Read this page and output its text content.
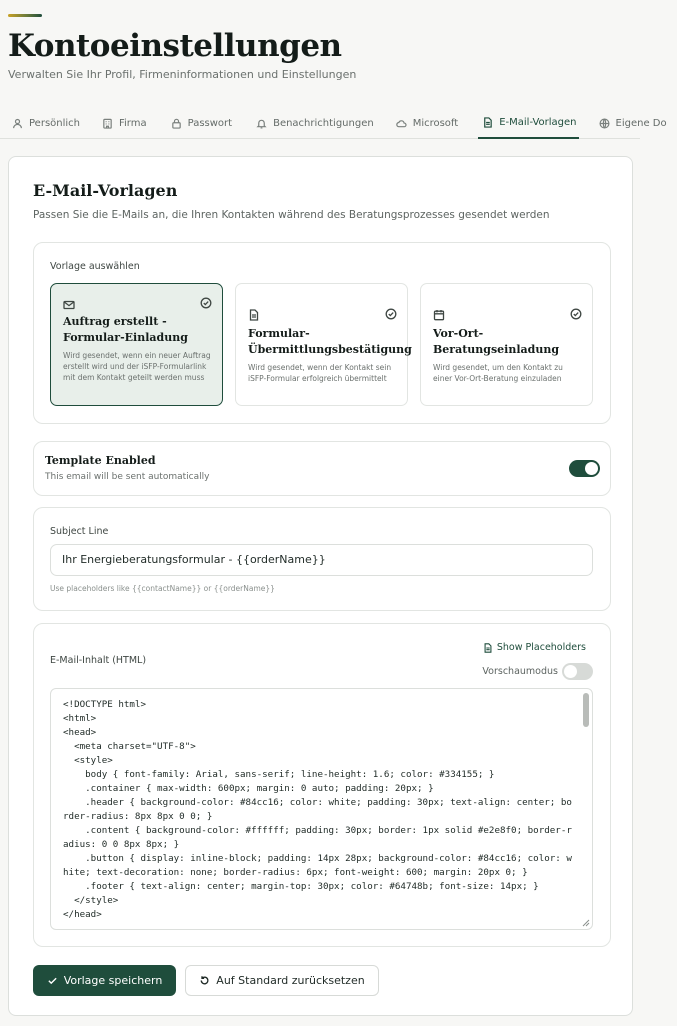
Kontoeinstellungen
Verwalten Sie Ihr Profil, Firmeninformationen und Einstellungen
Persönlich	Firma	Passwort	Benachrichtigungen	Microsoft	E-Mail-Vorlagen	Eigene Do
E-Mail-Vorlagen

Passen Sie die E-Mails an, die Ihren Kontakten während des Beratungsprozesses gesendet werden

Vorlage auswählen
Auftrag erstellt - Formular-Einladung
Wird gesendet, wenn ein neuer Auftrag erstellt wird und der iSFP-Formularlink mit dem Kontakt geteilt werden muss
Formular-Übermittlungsbestätigung
Wird gesendet, wenn der Kontakt sein iSFP-Formular erfolgreich übermittelt
Vor-Ort-Beratungseinladung
Wird gesendet, um den Kontakt zu einer Vor-Ort-Beratung einzuladen
Template Enabled
This email will be sent automatically
Subject Line
Ihr Energieberatungsformular - {{orderName}}
Use placeholders like {{contactName}} or {{orderName}}
E-Mail-Inhalt (HTML)
Show Placeholders
Vorschaumodus
<!DOCTYPE html>
<html>
<head>
<meta charset="UTF-8">
<style>
body { font-family: Arial, sans-serif; line-height: 1.6; color: #334155; }
.container { max-width: 600px; margin: 0 auto; padding: 20px; }
.header { background-color: #84cc16; color: white; padding: 30px; text-align: center; border-radius: 8px 8px 0 0; }
.content { background-color: #ffffff; padding: 30px; border: 1px solid #e2e8f0; border-radius: 0 0 8px 8px; }
.button { display: inline-block; padding: 14px 28px; background-color: #84cc16; color: white; text-decoration: none; border-radius: 6px; font-weight: 600; margin: 20px 0; }
.footer { text-align: center; margin-top: 30px; color: #64748b; font-size: 14px; }
</style>
</head>
Vorlage speichern	Auf Standard zurücksetzen
